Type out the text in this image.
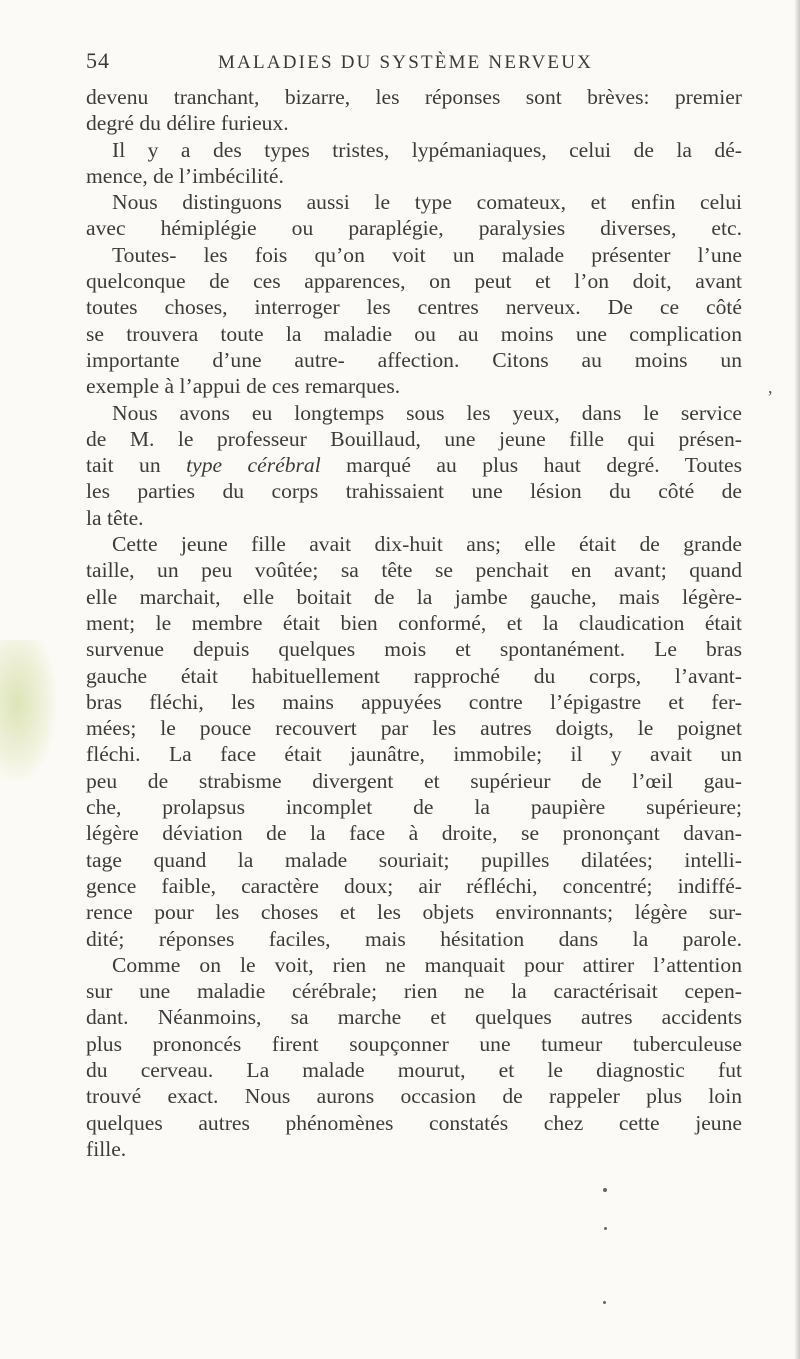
54	MALADIES DU SYSTÈME NERVEUX
,
devenu tranchant, bizarre, les réponses sont brèves: premier
degré du délire furieux.
Il y a des types tristes, lypémaniaques, celui de la dé-
mence, de l’imbécilité.
Nous distinguons aussi le type comateux, et enfin celui
avec hémiplégie ou paraplégie, paralysies diverses, etc.
Toutes- les fois qu’on voit un malade présenter l’une
quelconque de ces apparences, on peut et l’on doit, avant
toutes choses, interroger les centres nerveux. De ce côté
se trouvera toute la maladie ou au moins une complication
importante d’une autre- affection. Citons au moins un
exemple à l’appui de ces remarques.
Nous avons eu longtemps sous les yeux, dans le service
de M. le professeur Bouillaud, une jeune fille qui présen-
tait un type cérébral marqué au plus haut degré. Toutes
les parties du corps trahissaient une lésion du côté de
la tête.
Cette jeune fille avait dix-huit ans; elle était de grande
taille, un peu voûtée; sa tête se penchait en avant; quand
elle marchait, elle boitait de la jambe gauche, mais légère-
ment; le membre était bien conformé, et la claudication était
survenue depuis quelques mois et spontanément. Le bras
gauche était habituellement rapproché du corps, l’avant-
bras fléchi, les mains appuyées contre l’épigastre et fer-
mées; le pouce recouvert par les autres doigts, le poignet
fléchi. La face était jaunâtre, immobile; il y avait un
peu de strabisme divergent et supérieur de l’œil gau-
che, prolapsus incomplet de la paupière supérieure;
légère déviation de la face à droite, se prononçant davan-
tage quand la malade souriait; pupilles dilatées; intelli-
gence faible, caractère doux; air réfléchi, concentré; indiffé-
rence pour les choses et les objets environnants; légère sur-
dité; réponses faciles, mais hésitation dans la parole.
Comme on le voit, rien ne manquait pour attirer l’attention
sur une maladie cérébrale; rien ne la caractérisait cepen-
dant. Néanmoins, sa marche et quelques autres accidents
plus prononcés firent soupçonner une tumeur tuberculeuse
du cerveau. La malade mourut, et le diagnostic fut
trouvé exact. Nous aurons occasion de rappeler plus loin
quelques autres phénomènes constatés chez cette jeune
fille.
